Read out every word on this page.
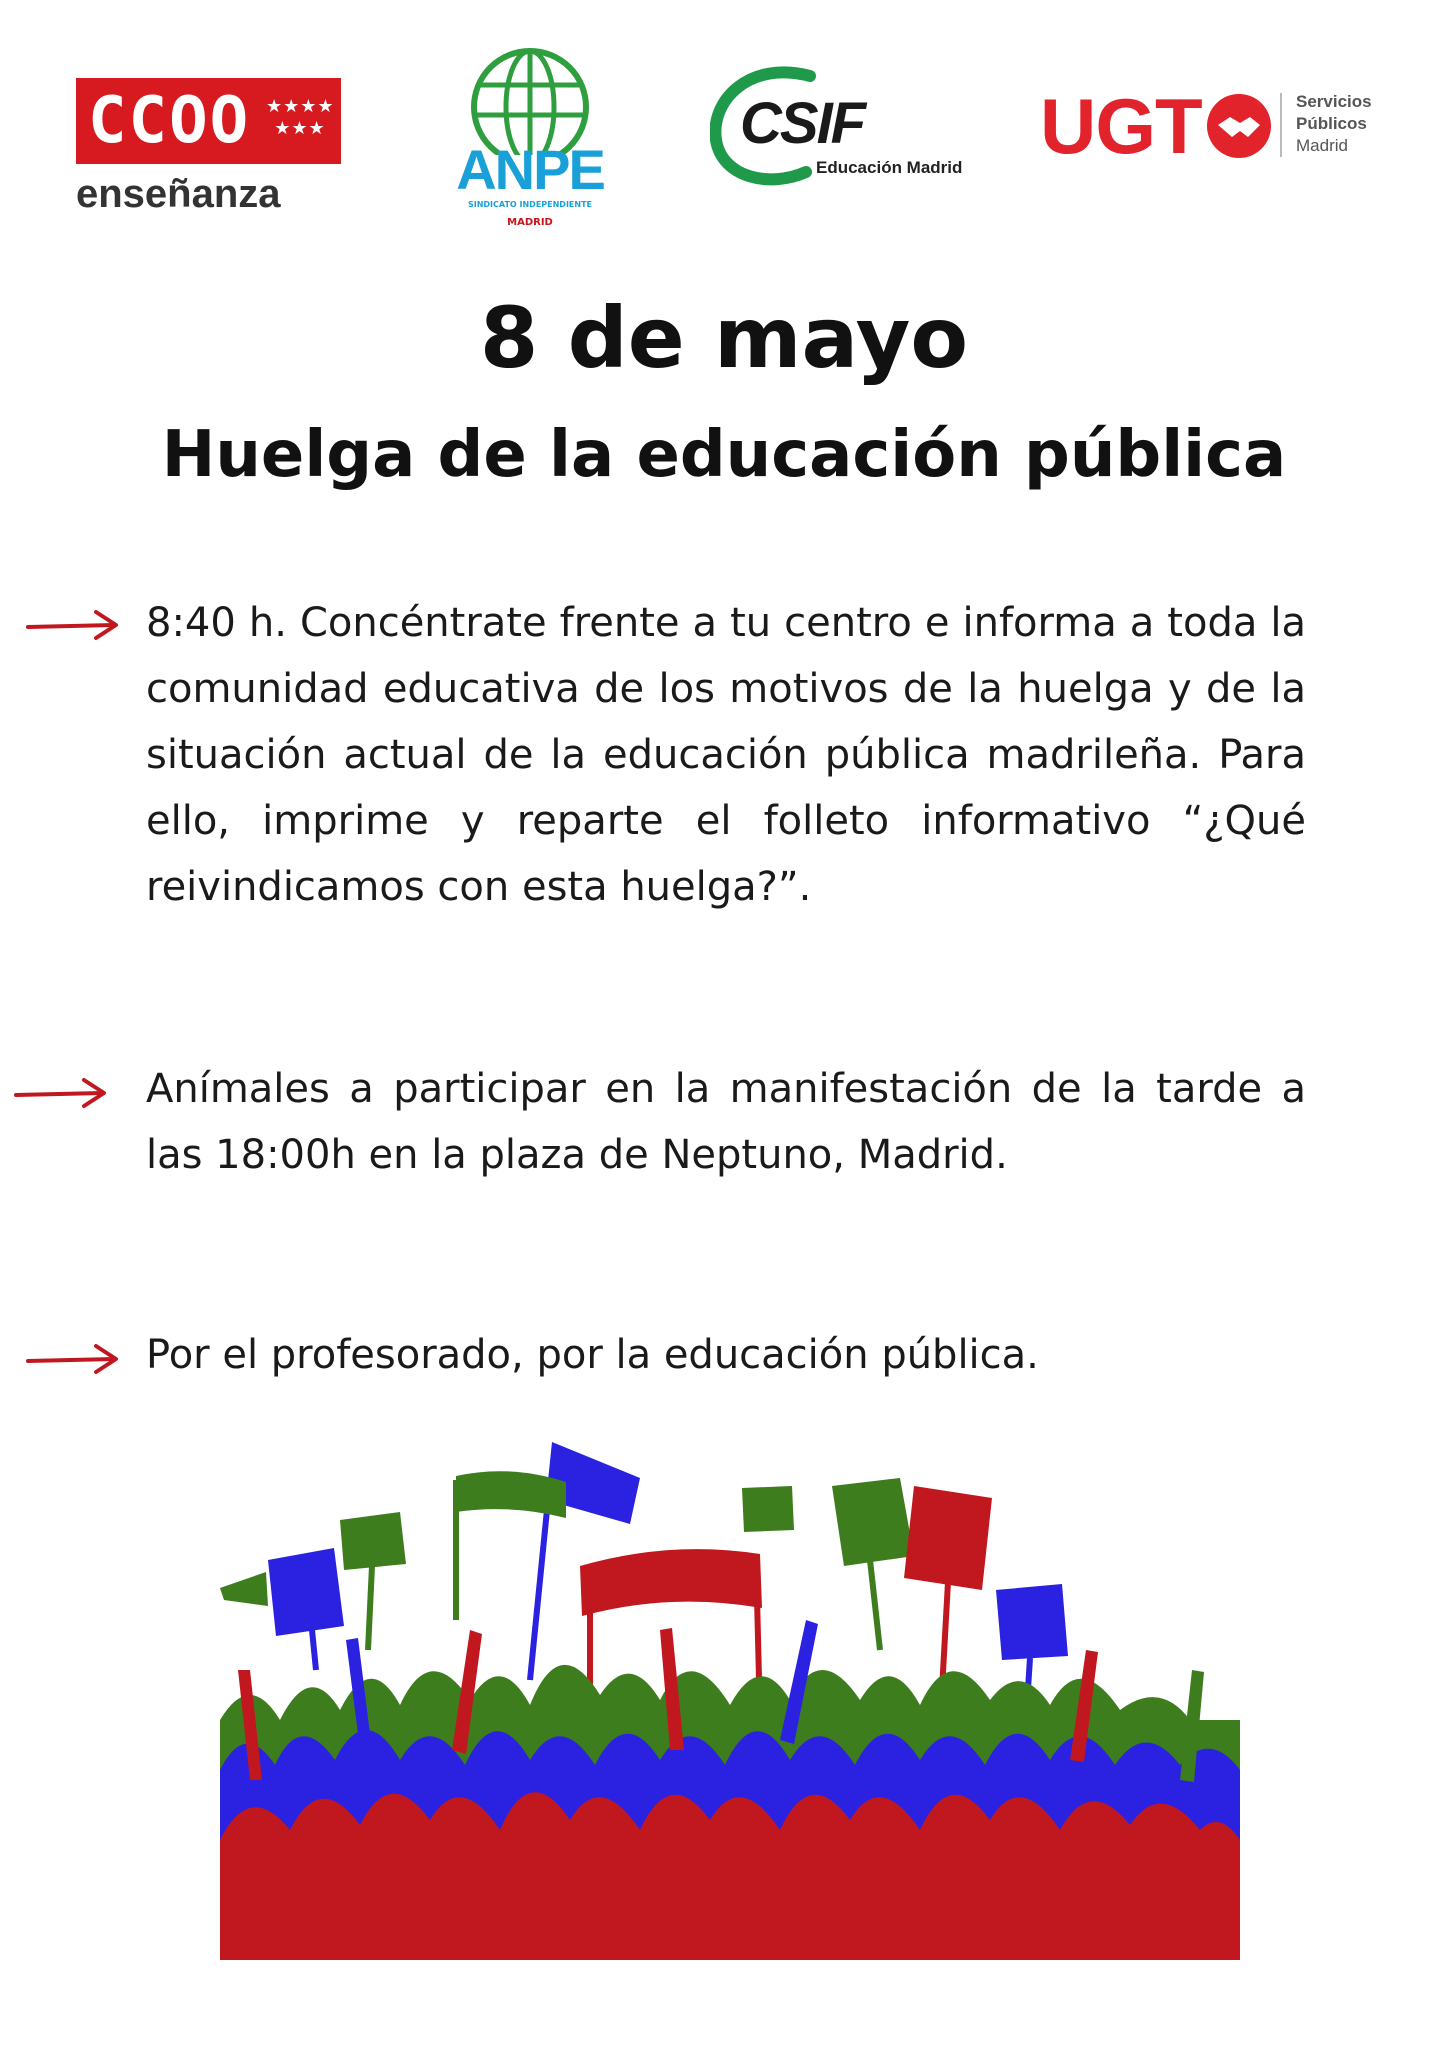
CCOO ★★★★ ★★★
enseñanza	ANPE
SINDICATO INDEPENDIENTE
MADRID
CSIF
Educación Madrid UGT	Servicios
Públicos
Madrid
8 de mayo
Huelga de la educación pública
8:40 h. Concéntrate frente a tu centro e informa a toda la comunidad educativa de los motivos de la huelga y de la situación actual de la educación pública madrileña. Para ello, imprime y reparte el folleto informativo “¿Qué reivindicamos con esta huelga?”.
Anímales a participar en la manifestación de la tarde a las 18:00h en la plaza de Neptuno, Madrid.
Por el profesorado, por la educación pública.
